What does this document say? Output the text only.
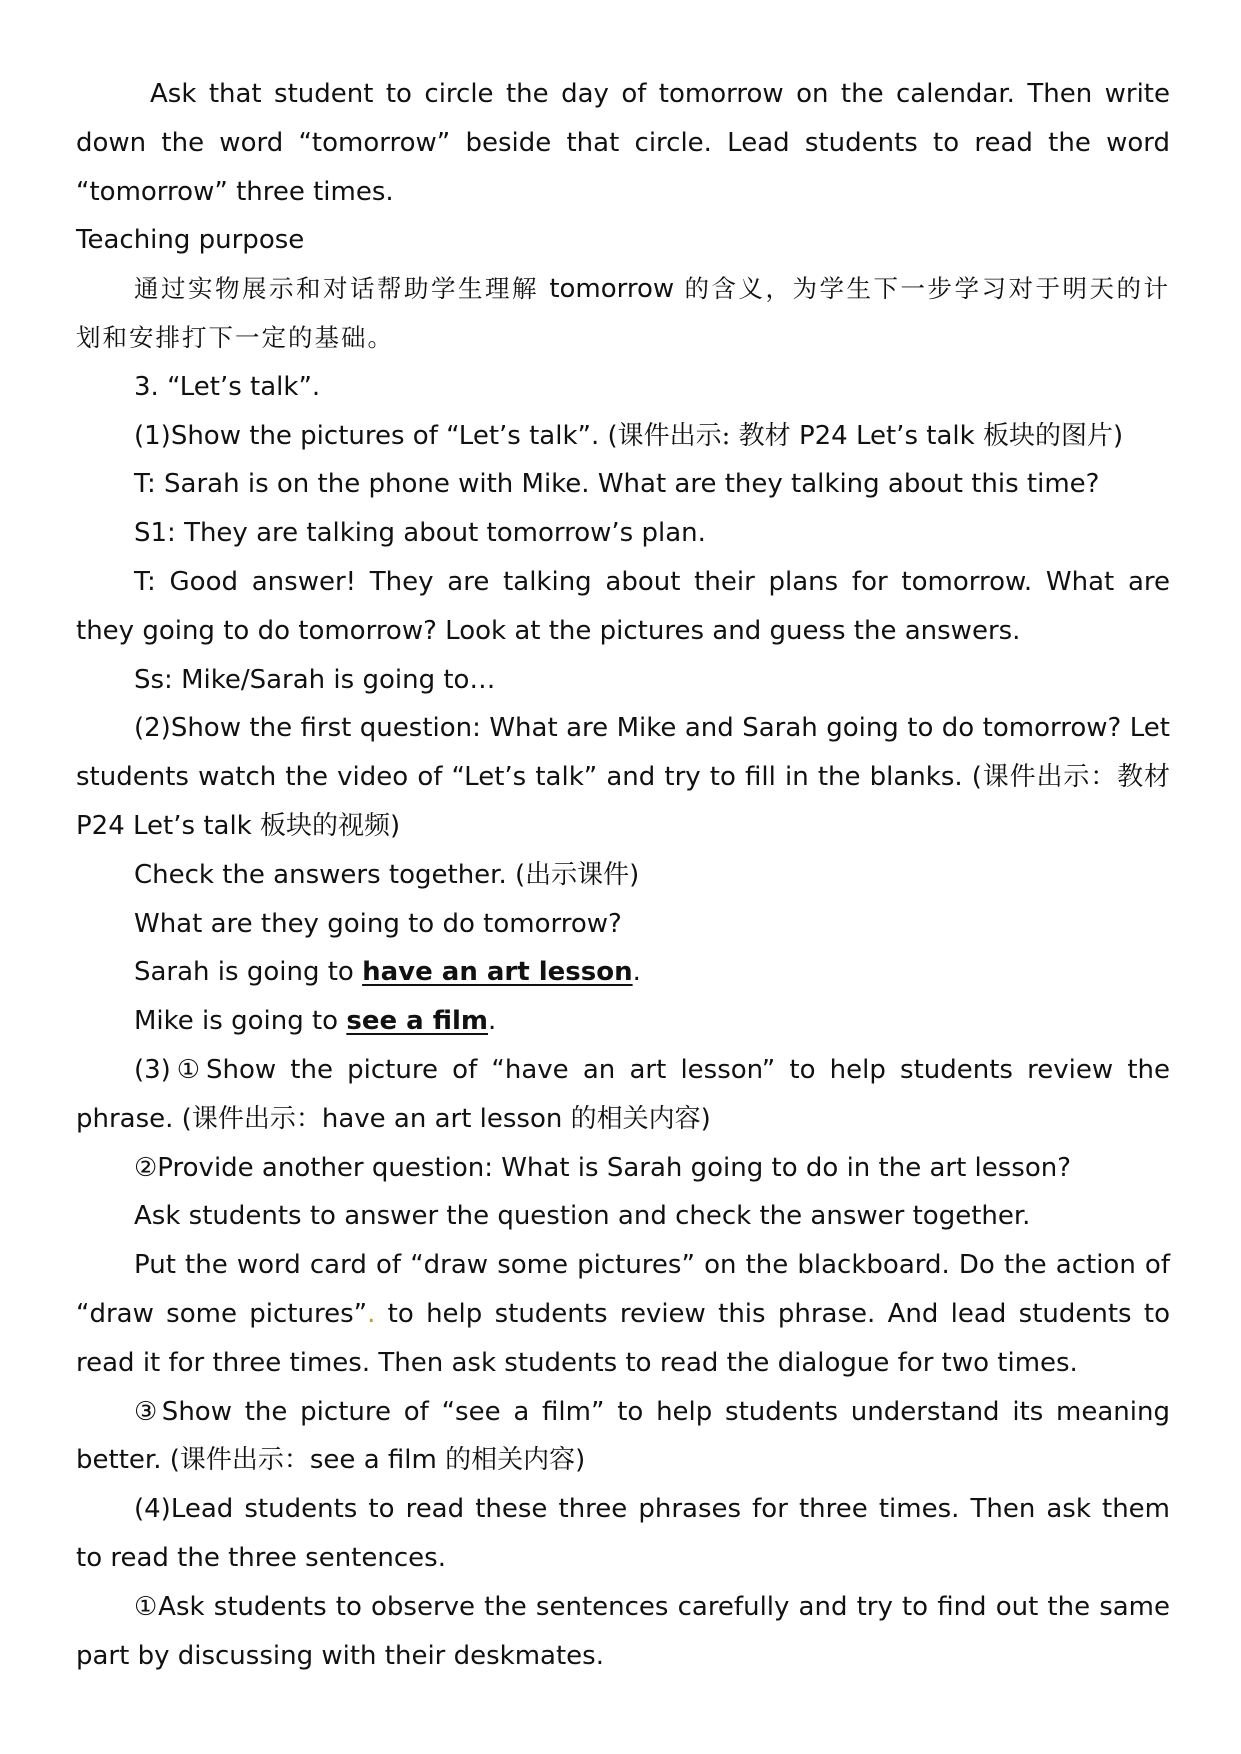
Ask that student to circle the day of tomorrow on the calendar. Then write down the word “tomorrow” beside that circle. Lead students to read the word “tomorrow” three times.

Teaching purpose

通过实物展示和对话帮助学生理解 tomorrow 的含义，为学生下一步学习对于明天的计划和安排打下一定的基础。

3. “Let’s talk”.

(1)Show the pictures of “Let’s talk”. (课件出示: 教材 P24 Let’s talk 板块的图片)

T: Sarah is on the phone with Mike. What are they talking about this time?

S1: They are talking about tomorrow’s plan.

T: Good answer! They are talking about their plans for tomorrow. What are they going to do tomorrow? Look at the pictures and guess the answers.

Ss: Mike/Sarah is going to…

(2)Show the first question: What are Mike and Sarah going to do tomorrow? Let students watch the video of “Let’s talk” and try to fill in the blanks. (课件出示：教材 P24 Let’s talk 板块的视频)

Check the answers together. (出示课件)

What are they going to do tomorrow?

Sarah is going to have an art lesson.

Mike is going to see a film.

(3)①Show the picture of “have an art lesson” to help students review the phrase. (课件出示：have an art lesson 的相关内容)

②Provide another question: What is Sarah going to do in the art lesson?

Ask students to answer the question and check the answer together.

Put the word card of “draw some pictures” on the blackboard. Do the action of “draw some pictures”. to help students review this phrase. And lead students to read it for three times. Then ask students to read the dialogue for two times.

③Show the picture of “see a film” to help students understand its meaning better. (课件出示：see a film 的相关内容)

(4)Lead students to read these three phrases for three times. Then ask them to read the three sentences.

①Ask students to observe the sentences carefully and try to find out the same part by discussing with their deskmates.
